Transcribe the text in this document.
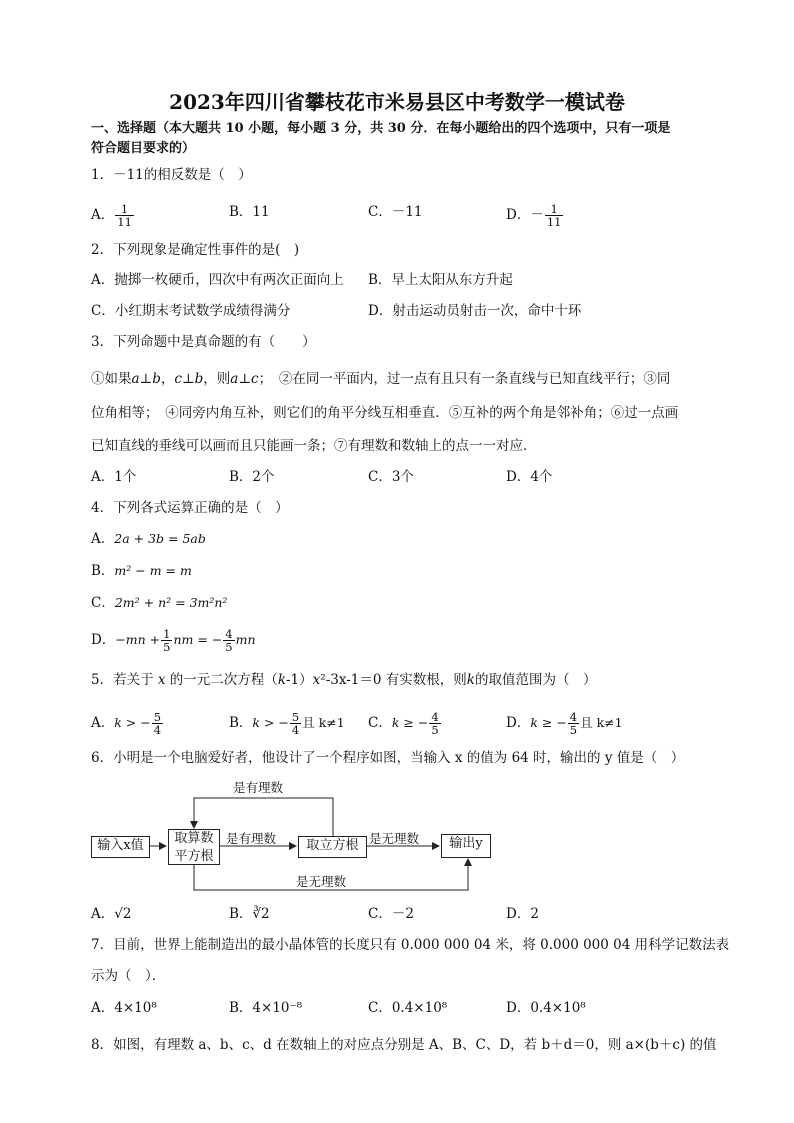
2023年四川省攀枝花市米易县区中考数学一模试卷
一、选择题（本大题共 10 小题，每小题 3 分，共 30 分．在每小题给出的四个选项中，只有一项是
符合题目要求的）
1．－11的相反数是（　）
A． $\frac{1}{11}$	B．11	C．－11	D．－ $\frac{1}{11}$
2．下列现象是确定性事件的是(　)
A．抛掷一枚硬币，四次中有两次正面向上 B．早上太阳从东方升起
C．小红期末考试数学成绩得满分	D．射击运动员射击一次，命中十环
3．下列命题中是真命题的有（　　）
①如果a⊥b，c⊥b，则a⊥c；　②在同一平面内，过一点有且只有一条直线与已知直线平行；③同
位角相等；　④同旁内角互补，则它们的角平分线互相垂直．⑤互补的两个角是邻补角；⑥过一点画
已知直线的垂线可以画而且只能画一条；⑦有理数和数轴上的点一一对应．
A．1个	B．2个	C．3个	D．4个
4．下列各式运算正确的是（　）
A．2a + 3b = 5ab
B．m² − m = m
C．2m² + n² = 3m²n²
D．$-mn + \frac{1}{5}$ nm = − $\frac{4}{5}$ mn
5．若关于 x 的一元二次方程（k-1）x²-3x-1＝0 有实数根，则k的取值范围为（　）
A．k > − $\frac{5}{4}$	B．k > − $\frac{5}{4}$ 且 k≠1 C．k ≥ − $\frac{4}{5}$	D．k ≥ − $\frac{4}{5}$ 且 k≠1
6．小明是一个电脑爱好者，他设计了一个程序如图，当输入 x 的值为 64 时，输出的 y 值是（　）
输入x值	取算数
平方根
取立方根	输出y
是有理数
是有理数	是无理数
是无理数
A．√2	B．∛2	C．－2	D．2
7．目前，世界上能制造出的最小晶体管的长度只有 0.000 000 04 米，将 0.000 000 04 用科学记数法表
示为（　）．
A．4×10⁸	B．4×10⁻⁸	C．0.4×10⁸	D．0.4×10⁸
8．如图，有理数 a、b、c、d 在数轴上的对应点分别是 A、B、C、D，若 b＋d＝0，则 a×(b＋c) 的值
